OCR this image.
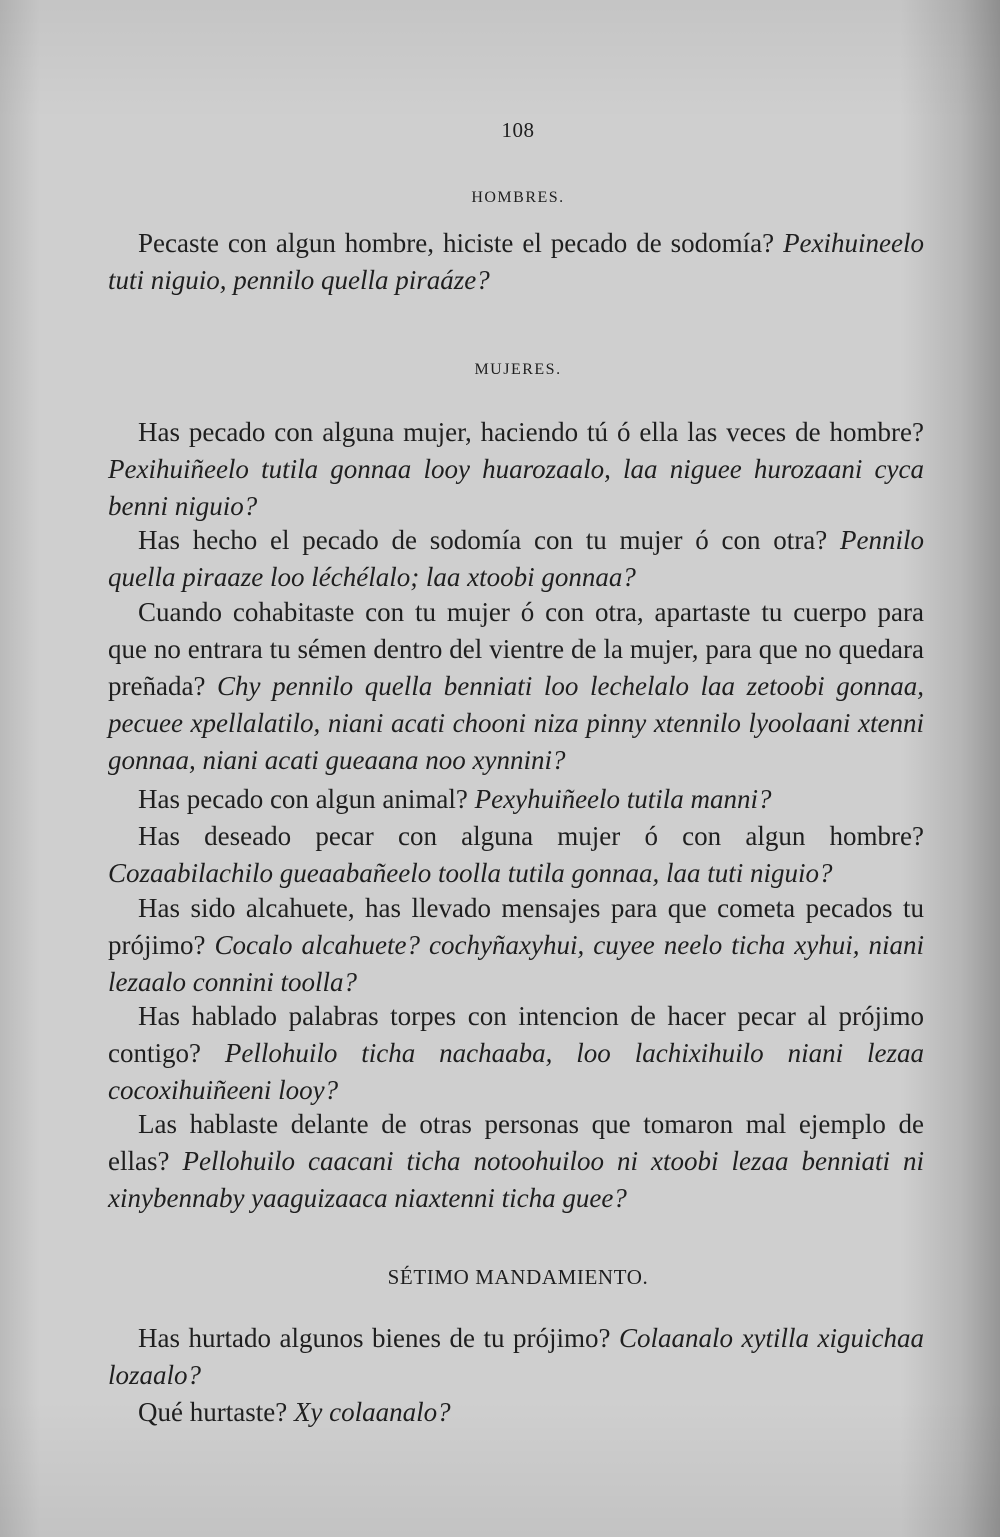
108
HOMBRES.

Pecaste con algun hombre, hiciste el pecado de sodomía? Pexihuineelo tuti niguio, pennilo quella piraáze?

MUJERES.

Has pecado con alguna mujer, haciendo tú ó ella las veces de hombre? Pexihuiñeelo tutila gonnaa looy huarozaalo, laa niguee hurozaani cyca benni niguio?

Has hecho el pecado de sodomía con tu mujer ó con otra? Pennilo quella piraaze loo léchélalo; laa xtoobi gonnaa?

Cuando cohabitaste con tu mujer ó con otra, apartaste tu cuerpo para que no entrara tu sémen dentro del vientre de la mujer, para que no quedara preñada? Chy pennilo quella benniati loo lechelalo laa zetoobi gonnaa, pecuee xpellalatilo, niani acati chooni niza pinny xtennilo lyoolaani xtenni gonnaa, niani acati gueaana noo xynnini?

Has pecado con algun animal? Pexyhuiñeelo tutila manni?

Has deseado pecar con alguna mujer ó con algun hombre? Cozaabilachilo gueaabañeelo toolla tutila gonnaa, laa tuti niguio?

Has sido alcahuete, has llevado mensajes para que cometa pecados tu prójimo? Cocalo alcahuete? cochyñaxyhui, cuyee neelo ticha xyhui, niani lezaalo connini toolla?

Has hablado palabras torpes con intencion de hacer pecar al prójimo contigo? Pellohuilo ticha nachaaba, loo lachixihuilo niani lezaa cocoxihuiñeeni looy?

Las hablaste delante de otras personas que tomaron mal ejemplo de ellas? Pellohuilo caacani ticha notoohuiloo ni xtoobi lezaa benniati ni xinybennaby yaaguizaaca niaxtenni ticha guee?

SÉTIMO MANDAMIENTO.

Has hurtado algunos bienes de tu prójimo? Colaanalo xytilla xiguichaa lozaalo?

Qué hurtaste? Xy colaanalo?
